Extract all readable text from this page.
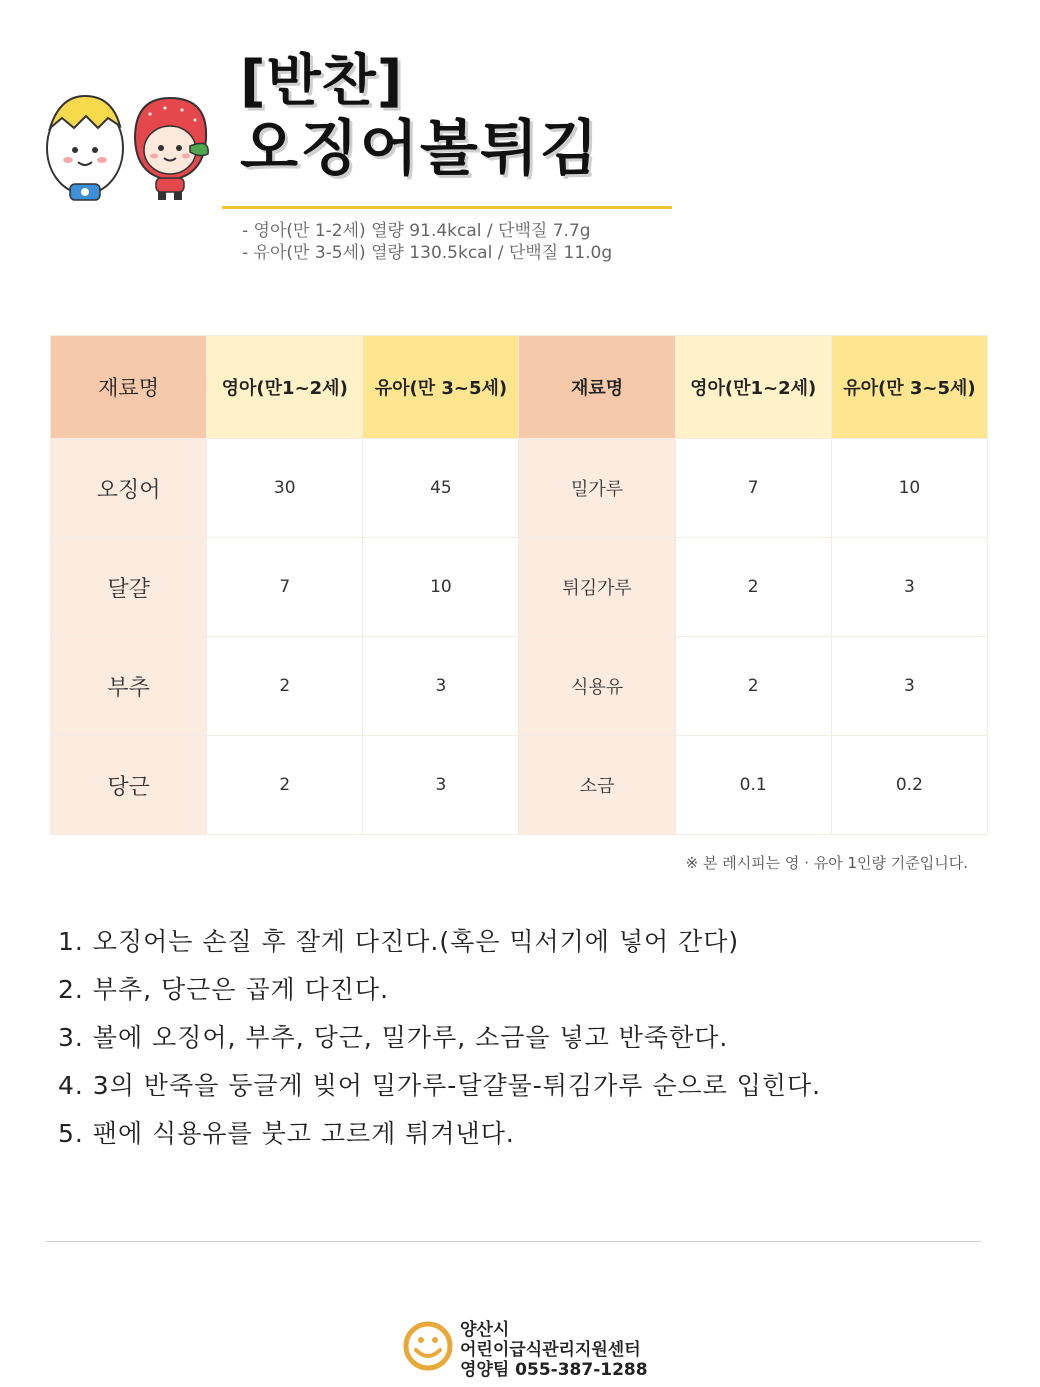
[반찬]
오징어볼튀김
- 영아(만 1-2세) 열량 91.4kcal / 단백질 7.7g
- 유아(만 3-5세) 열량 130.5kcal / 단백질 11.0g
재료명	영아(만1~2세)	유아(만 3~5세)	재료명	영아(만1~2세)	유아(만 3~5세)
오징어	30	45	밀가루	7	10
달걀	7	10	튀김가루	2	3
부추	2	3	식용유	2	3
당근	2	3	소금	0.1	0.2
※ 본 레시피는 영 · 유아 1인량 기준입니다.
1. 오징어는 손질 후 잘게 다진다.(혹은 믹서기에 넣어 간다)
2. 부추, 당근은 곱게 다진다.
3. 볼에 오징어, 부추, 당근, 밀가루, 소금을 넣고 반죽한다.
4. 3의 반죽을 둥글게 빚어 밀가루-달걀물-튀김가루 순으로 입힌다.
5. 팬에 식용유를 붓고 고르게 튀겨낸다.
양산시
어린이급식관리지원센터
영양팀 055-387-1288
